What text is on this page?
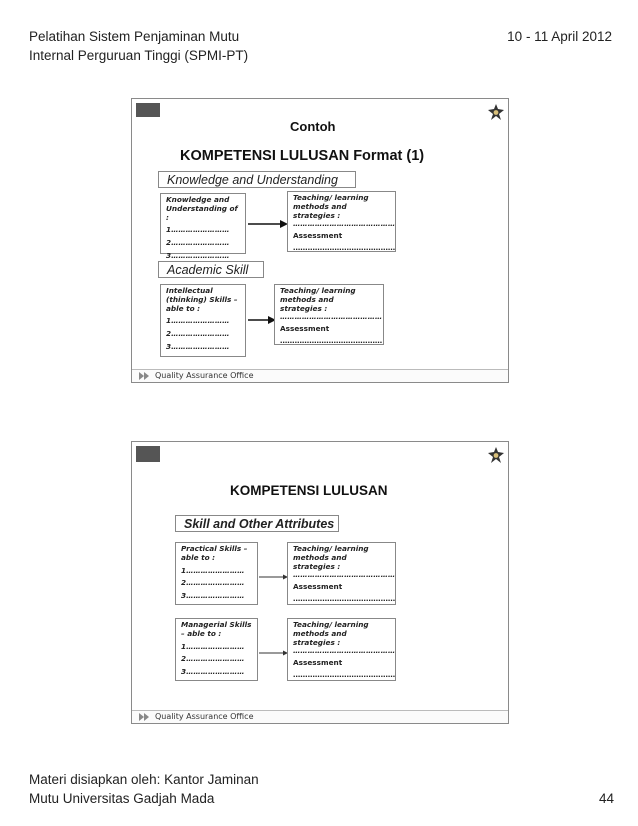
Pelatihan Sistem Penjaminan Mutu
Internal Perguruan Tinggi (SPMI-PT)
10 - 11 April 2012
Contoh
KOMPETENSI LULUSAN Format (1)
Knowledge and Understanding
Knowledge and Understanding of :
1……………………
2……………………
3……………………
Teaching/ learning methods and strategies :
……………………………………
Assessment
……………………………………
Academic Skill
Intellectual (thinking) Skills – able to :
1……………………
2……………………
3……………………
Teaching/ learning methods and strategies :
……………………………………
Assessment
……………………………………
Quality Assurance Office
KOMPETENSI LULUSAN
Skill and Other Attributes
Practical Skills – able to :
1……………………
2……………………
3……………………
Teaching/ learning methods and strategies :
……………………………………
Assessment
……………………………………
Managerial Skills – able to :
1……………………
2……………………
3……………………
Teaching/ learning methods and strategies :
……………………………………
Assessment
……………………………………
Quality Assurance Office
Materi disiapkan oleh: Kantor Jaminan
Mutu Universitas Gadjah Mada	44
